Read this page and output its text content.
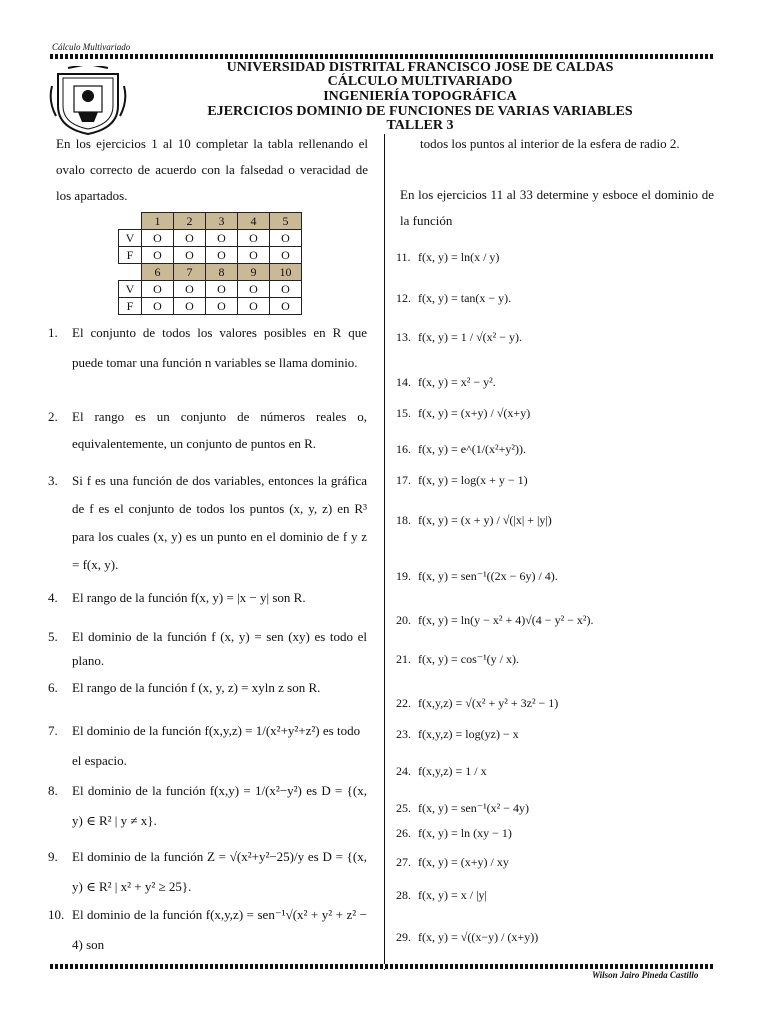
Cálculo Multivariado
UNIVERSIDAD DISTRITAL FRANCISCO JOSE DE CALDAS
CÁLCULO MULTIVARIADO
INGENIERÍA TOPOGRÁFICA
EJERCICIOS DOMINIO DE FUNCIONES DE VARIAS VARIABLES
TALLER 3
En los ejercicios 1 al 10 completar la tabla rellenando el ovalo correcto de acuerdo con la falsedad o veracidad de los apartados.
	1	2	3	4	5
V	O	O	O	O	O
F	O	O	O	O	O
	6	7	8	9	10
V	O	O	O	O	O
F	O	O	O	O	O
1. El conjunto de todos los valores posibles en R que puede tomar una función n variables se llama dominio.
2. El rango es un conjunto de números reales o, equivalentemente, un conjunto de puntos en R.
3. Si f es una función de dos variables, entonces la gráfica de f es el conjunto de todos los puntos (x, y, z) en R³ para los cuales (x, y) es un punto en el dominio de f y z = f(x, y).
4. El rango de la función f(x, y) = |x − y| son R.
5. El dominio de la función f (x, y) = sen (xy) es todo el plano.
6. El rango de la función f (x, y, z) = xyln z son R.
7. El dominio de la función f(x,y,z) = 1/(x²+y²+z²) es todo el espacio.
8. El dominio de la función f(x,y) = 1/(x²−y²) es D = {(x, y) ∈ R² | y ≠ x}.
9. El dominio de la función Z = √(x²+y²−25)/y es D = {(x, y) ∈ R² | x² + y² ≥ 25}.
10. El dominio de la función f(x,y,z) = sen⁻¹√(x² + y² + z² − 4) son
todos los puntos al interior de la esfera de radio 2.
En los ejercicios 11 al 33 determine y esboce el dominio de la función
11. f(x, y) = ln(x / y)
12. f(x, y) = tan(x − y).
13. f(x, y) = 1 / √(x² − y).
14. f(x, y) = x² − y².
15. f(x, y) = (x+y) / √(x+y)
16. f(x, y) = e^(1/(x²+y²)).
17. f(x, y) = log(x + y − 1)
18. f(x, y) = (x + y) / √(|x| + |y|)
19. f(x, y) = sen⁻¹((2x − 6y) / 4).
20. f(x, y) = ln(y − x² + 4)√(4 − y² − x²).
21. f(x, y) = cos⁻¹(y / x).
22. f(x,y,z) = √(x² + y² + 3z² − 1)
23. f(x,y,z) = log(yz) − x
24. f(x,y,z) = 1 / x
25. f(x, y) = sen⁻¹(x² − 4y)
26. f(x, y) = ln (xy − 1)
27. f(x, y) = (x+y) / xy
28. f(x, y) = x / |y|
29. f(x, y) = √((x−y) / (x+y))
Wilson Jairo Pineda Castillo
